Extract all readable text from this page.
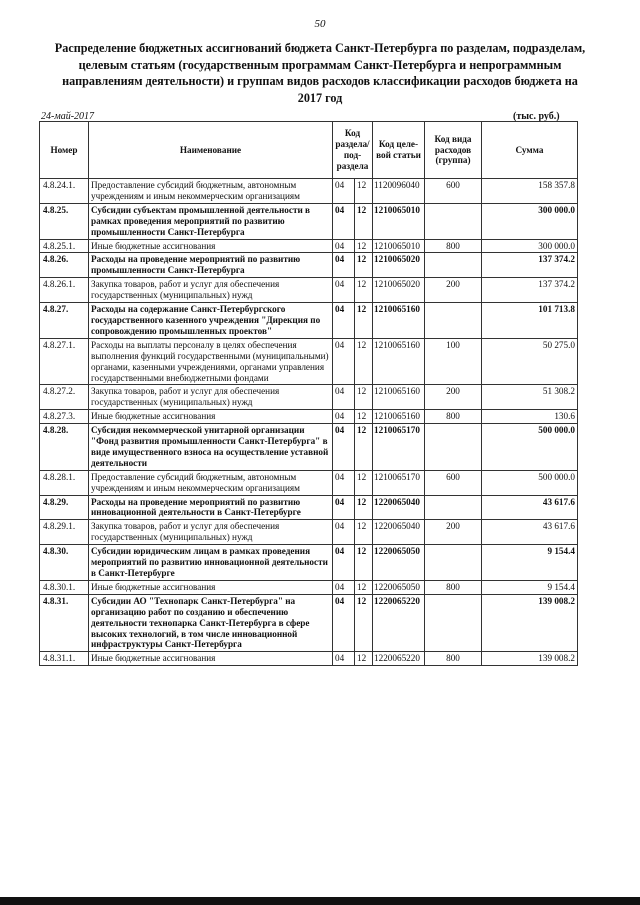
50
Распределение бюджетных ассигнований бюджета Санкт-Петербурга по разделам, подразделам, целевым статьям (государственным программам Санкт-Петербурга и непрограммным направлениям деятельности) и группам видов расходов классификации расходов бюджета на 2017 год
24-май-2017	(тыс. руб.)
Номер	Наименование	Код раздела/ под-раздела		Код целе-вой статьи	Код вида расходов (группа)	Сумма
4.8.24.1.	Предоставление субсидий бюджетным, автономным учреждениям и иным некоммерческим организациям	04	12	1120096040	600	158 357.8
4.8.25.	Субсидии субъектам промышленной деятельности в рамках проведения мероприятий по развитию промышленности Санкт-Петербурга	04	12	1210065010		300 000.0
4.8.25.1.	Иные бюджетные ассигнования	04	12	1210065010	800	300 000.0
4.8.26.	Расходы на проведение мероприятий по развитию промышленности Санкт-Петербурга	04	12	1210065020		137 374.2
4.8.26.1.	Закупка товаров, работ и услуг для обеспечения государственных (муниципальных) нужд	04	12	1210065020	200	137 374.2
4.8.27.	Расходы на содержание Санкт-Петербургского государственного казенного учреждения "Дирекция по сопровождению промышленных проектов"	04	12	1210065160		101 713.8
4.8.27.1.	Расходы на выплаты персоналу в целях обеспечения выполнения функций государственными (муниципальными) органами, казенными учреждениями, органами управления государственными внебюджетными фондами	04	12	1210065160	100	50 275.0
4.8.27.2.	Закупка товаров, работ и услуг для обеспечения государственных (муниципальных) нужд	04	12	1210065160	200	51 308.2
4.8.27.3.	Иные бюджетные ассигнования	04	12	1210065160	800	130.6
4.8.28.	Субсидия некоммерческой унитарной организации "Фонд развития промышленности Санкт-Петербурга" в виде имущественного взноса на осуществление уставной деятельности	04	12	1210065170		500 000.0
4.8.28.1.	Предоставление субсидий бюджетным, автономным учреждениям и иным некоммерческим организациям	04	12	1210065170	600	500 000.0
4.8.29.	Расходы на проведение мероприятий по развитию инновационной деятельности в Санкт-Петербурге	04	12	1220065040		43 617.6
4.8.29.1.	Закупка товаров, работ и услуг для обеспечения государственных (муниципальных) нужд	04	12	1220065040	200	43 617.6
4.8.30.	Субсидии юридическим лицам в рамках проведения мероприятий по развитию инновационной деятельности в Санкт-Петербурге	04	12	1220065050		9 154.4
4.8.30.1.	Иные бюджетные ассигнования	04	12	1220065050	800	9 154.4
4.8.31.	Субсидии АО "Технопарк Санкт-Петербурга" на организацию работ по созданию и обеспечению деятельности технопарка Санкт-Петербурга в сфере высоких технологий, в том числе инновационной инфраструктуры Санкт-Петербурга	04	12	1220065220		139 008.2
4.8.31.1.	Иные бюджетные ассигнования	04	12	1220065220	800	139 008.2
